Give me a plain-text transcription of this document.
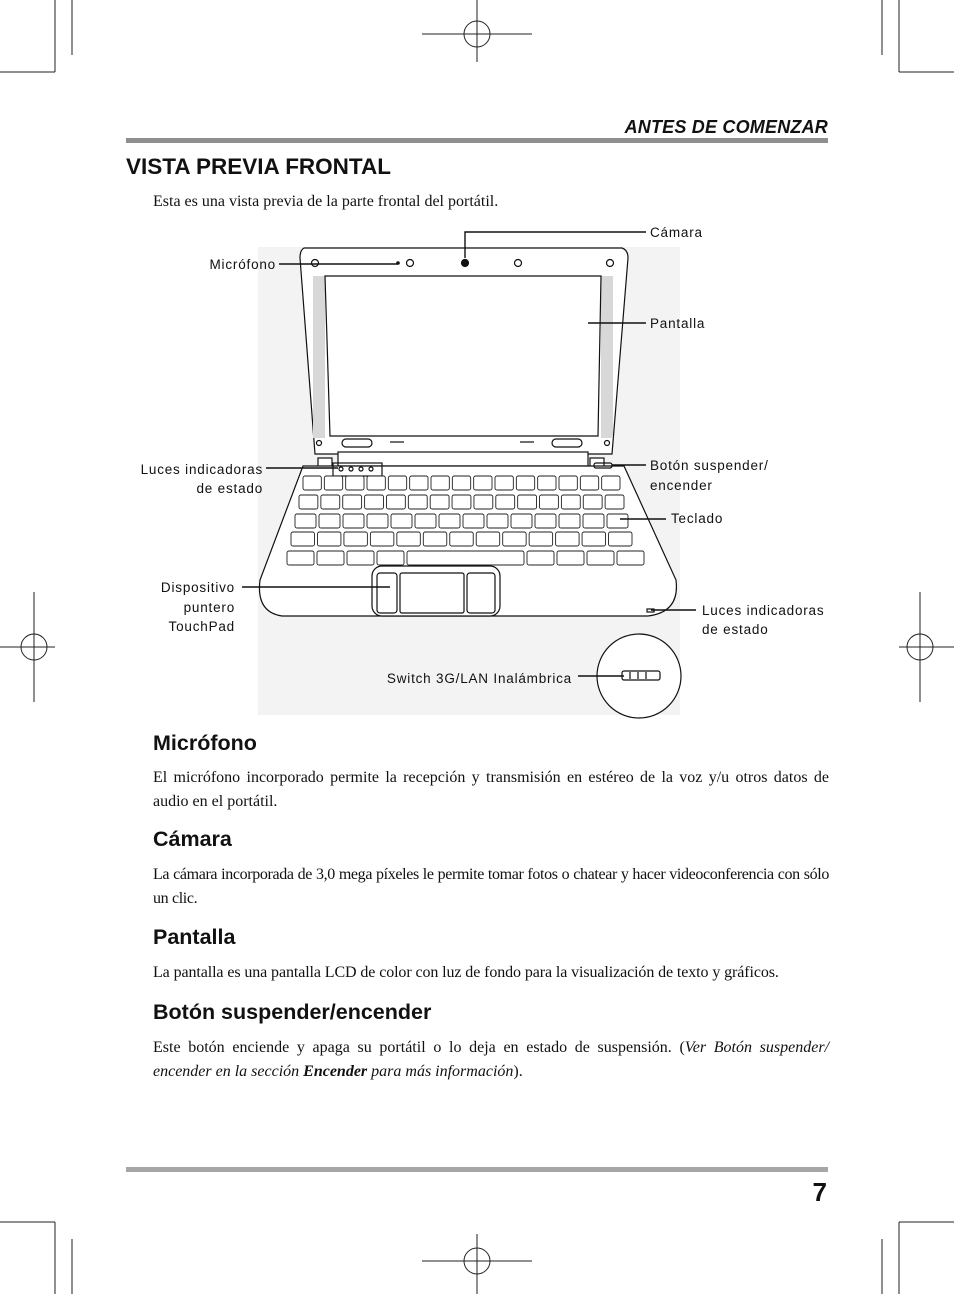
ANTES DE COMENZAR
VISTA PREVIA FRONTAL
Esta es una vista previa de la parte frontal del portátil.
Cámara
Micrófono
Pantalla
Luces indicadoras
de estado
Botón suspender/
encender
Teclado
Dispositivo
puntero
TouchPad
Luces indicadoras
de estado
Switch 3G/LAN Inalámbrica
Micrófono
El micrófono incorporado permite la recepción y transmisión en estéreo de la voz y/u otros datos de audio en el portátil.
Cámara
La cámara incorporada de 3,0 mega píxeles le permite tomar fotos o chatear y hacer videoconferencia con sólo un clic.
Pantalla
La pantalla es una pantalla LCD de color con luz de fondo para la visualización de texto y gráficos.
Botón suspender/encender
Este botón enciende y apaga su portátil o lo deja en estado de suspensión. (Ver Botón suspender/ encender en la sección Encender para más información).
7
